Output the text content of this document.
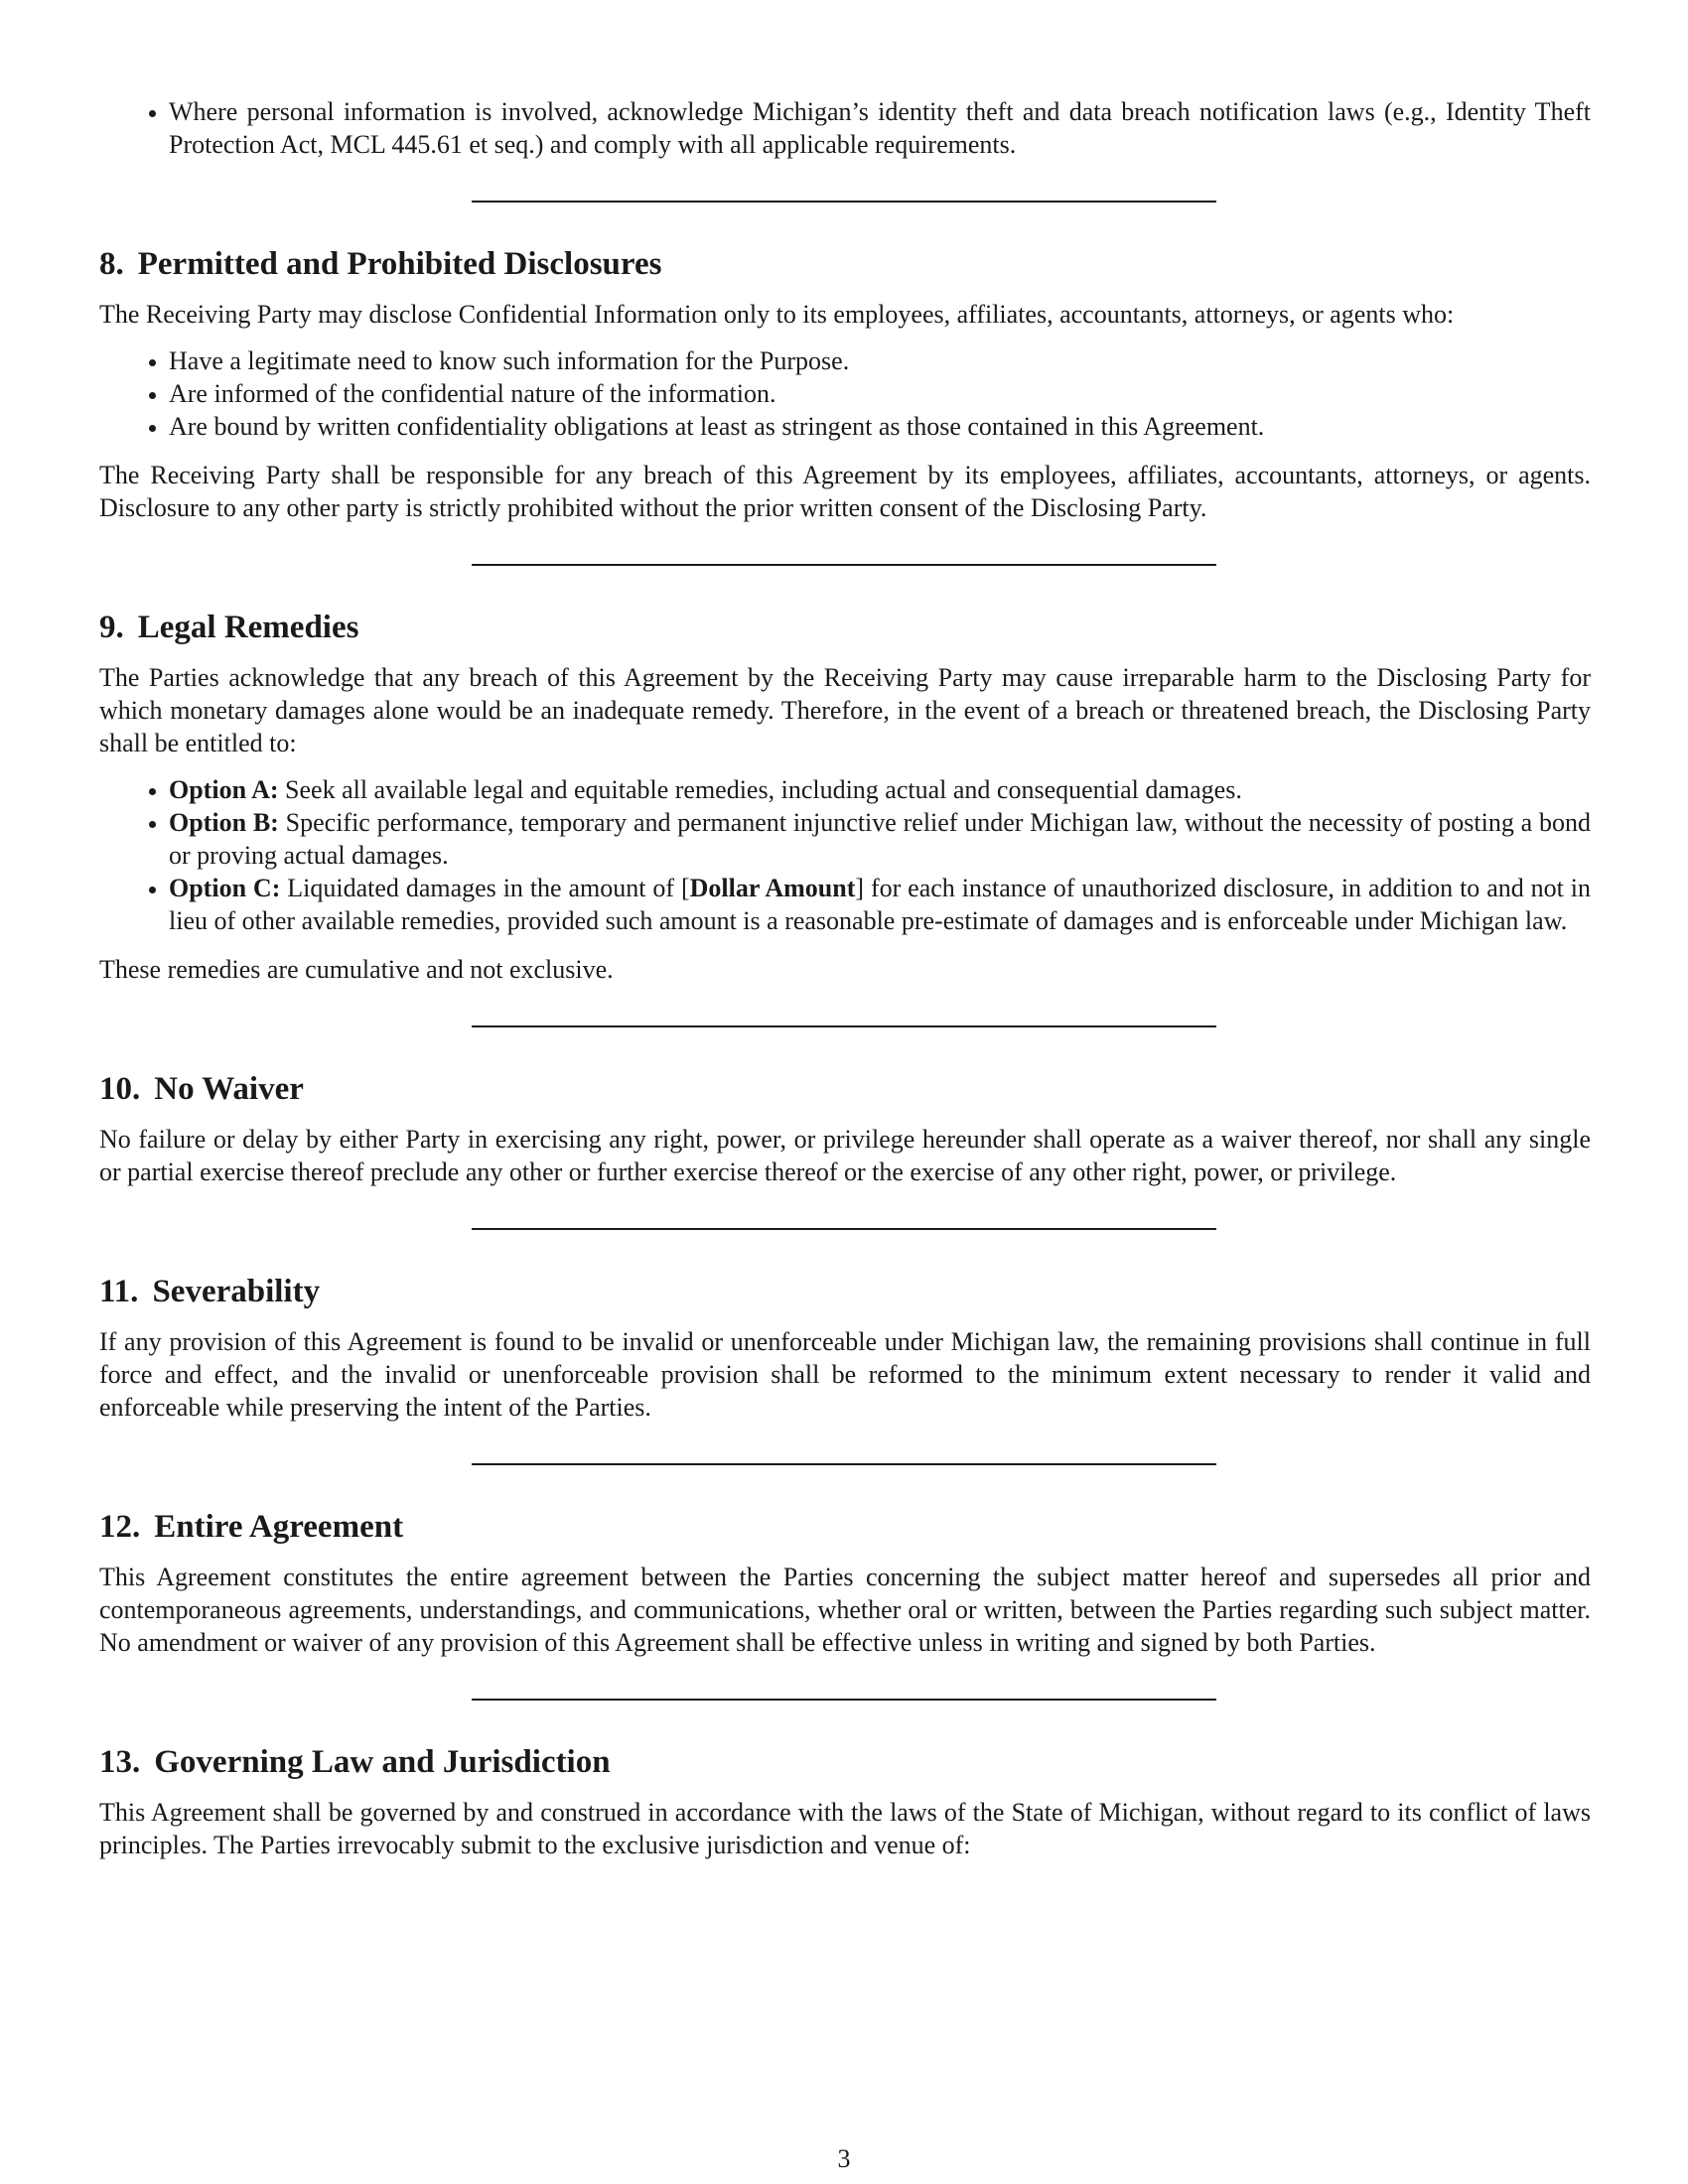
• Where personal information is involved, acknowledge Michigan’s identity theft and data breach notification laws (e.g., Identity Theft Protection Act, MCL 445.61 et seq.) and comply with all applicable requirements.
8. Permitted and Prohibited Disclosures

The Receiving Party may disclose Confidential Information only to its employees, affiliates, accountants, attorneys, or agents who:

• Have a legitimate need to know such information for the Purpose.
• Are informed of the confidential nature of the information.
• Are bound by written confidentiality obligations at least as stringent as those contained in this Agreement.

The Receiving Party shall be responsible for any breach of this Agreement by its employees, affiliates, accountants, attorneys, or agents. Disclosure to any other party is strictly prohibited without the prior written consent of the Disclosing Party.

9. Legal Remedies

The Parties acknowledge that any breach of this Agreement by the Receiving Party may cause irreparable harm to the Disclosing Party for which monetary damages alone would be an inadequate remedy. Therefore, in the event of a breach or threatened breach, the Disclosing Party shall be entitled to:

• Option A: Seek all available legal and equitable remedies, including actual and consequential damages.
• Option B: Specific performance, temporary and permanent injunctive relief under Michigan law, without the necessity of posting a bond or proving actual damages.
• Option C: Liquidated damages in the amount of [Dollar Amount] for each instance of unauthorized disclosure, in addition to and not in lieu of other available remedies, provided such amount is a reasonable pre-estimate of damages and is enforceable under Michigan law.

These remedies are cumulative and not exclusive.

10. No Waiver

No failure or delay by either Party in exercising any right, power, or privilege hereunder shall operate as a waiver thereof, nor shall any single or partial exercise thereof preclude any other or further exercise thereof or the exercise of any other right, power, or privilege.

11. Severability

If any provision of this Agreement is found to be invalid or unenforceable under Michigan law, the remaining provisions shall continue in full force and effect, and the invalid or unenforceable provision shall be reformed to the minimum extent necessary to render it valid and enforceable while preserving the intent of the Parties.

12. Entire Agreement

This Agreement constitutes the entire agreement between the Parties concerning the subject matter hereof and supersedes all prior and contemporaneous agreements, understandings, and communications, whether oral or written, between the Parties regarding such subject matter. No amendment or waiver of any provision of this Agreement shall be effective unless in writing and signed by both Parties.

13. Governing Law and Jurisdiction

This Agreement shall be governed by and construed in accordance with the laws of the State of Michigan, without regard to its conflict of laws principles. The Parties irrevocably submit to the exclusive jurisdiction and venue of:

3
